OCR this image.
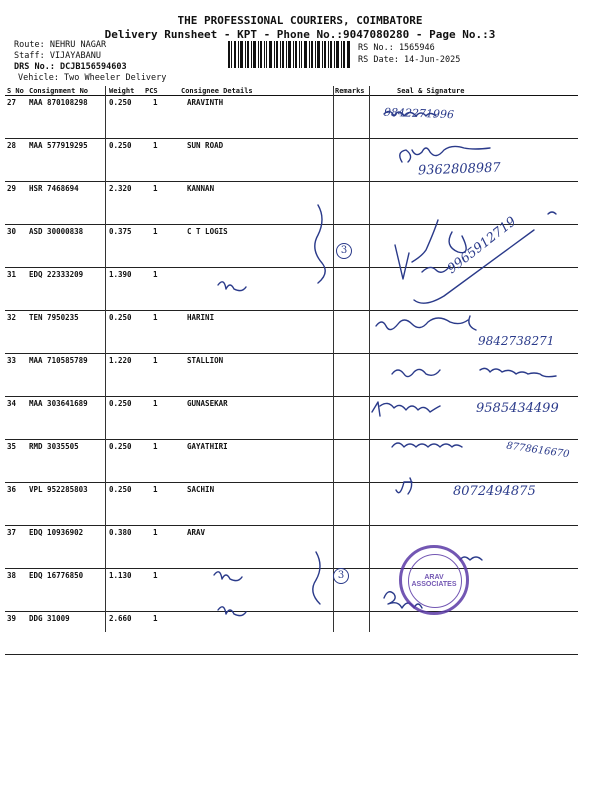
THE PROFESSIONAL COURIERS, COIMBATORE
Delivery Runsheet - KPT - Phone No.:9047080280 - Page No.:3
Route: NEHRU NAGAR
Staff: VIJAYABANU
DRS No.: DCJB156594603
Vehicle: Two Wheeler Delivery
RS No.: 1565946
RS Date: 14-Jun-2025
S No	Consignment No	Weight	PCS	Consignee Details	Remarks	Seal & Signature
27	MAA 870108298	0.250	1	ARAVINTH		
28	MAA 577919295	0.250	1	SUN ROAD		
29	HSR 7468694	2.320	1	KANNAN		
30	ASD 30000838	0.375	1	C T LOGIS		
31	EDQ 22333209	1.390	1			
32	TEN 7950235	0.250	1	HARINI		
33	MAA 710585789	1.220	1	STALLION		
34	MAA 303641689	0.250	1	GUNASEKAR		
35	RMD 3035505	0.250	1	GAYATHIRI		
36	VPL 952285803	0.250	1	SACHIN		
37	EDQ 10936902	0.380	1	ARAV		
38	EDQ 16776850	1.130	1			
39	DDG 31009	2.660	1			
9842271996
9362808987
9965912719
9842738271
9585434499
8778616670
8072494875
3
3	ARAV ASSOCIATES
